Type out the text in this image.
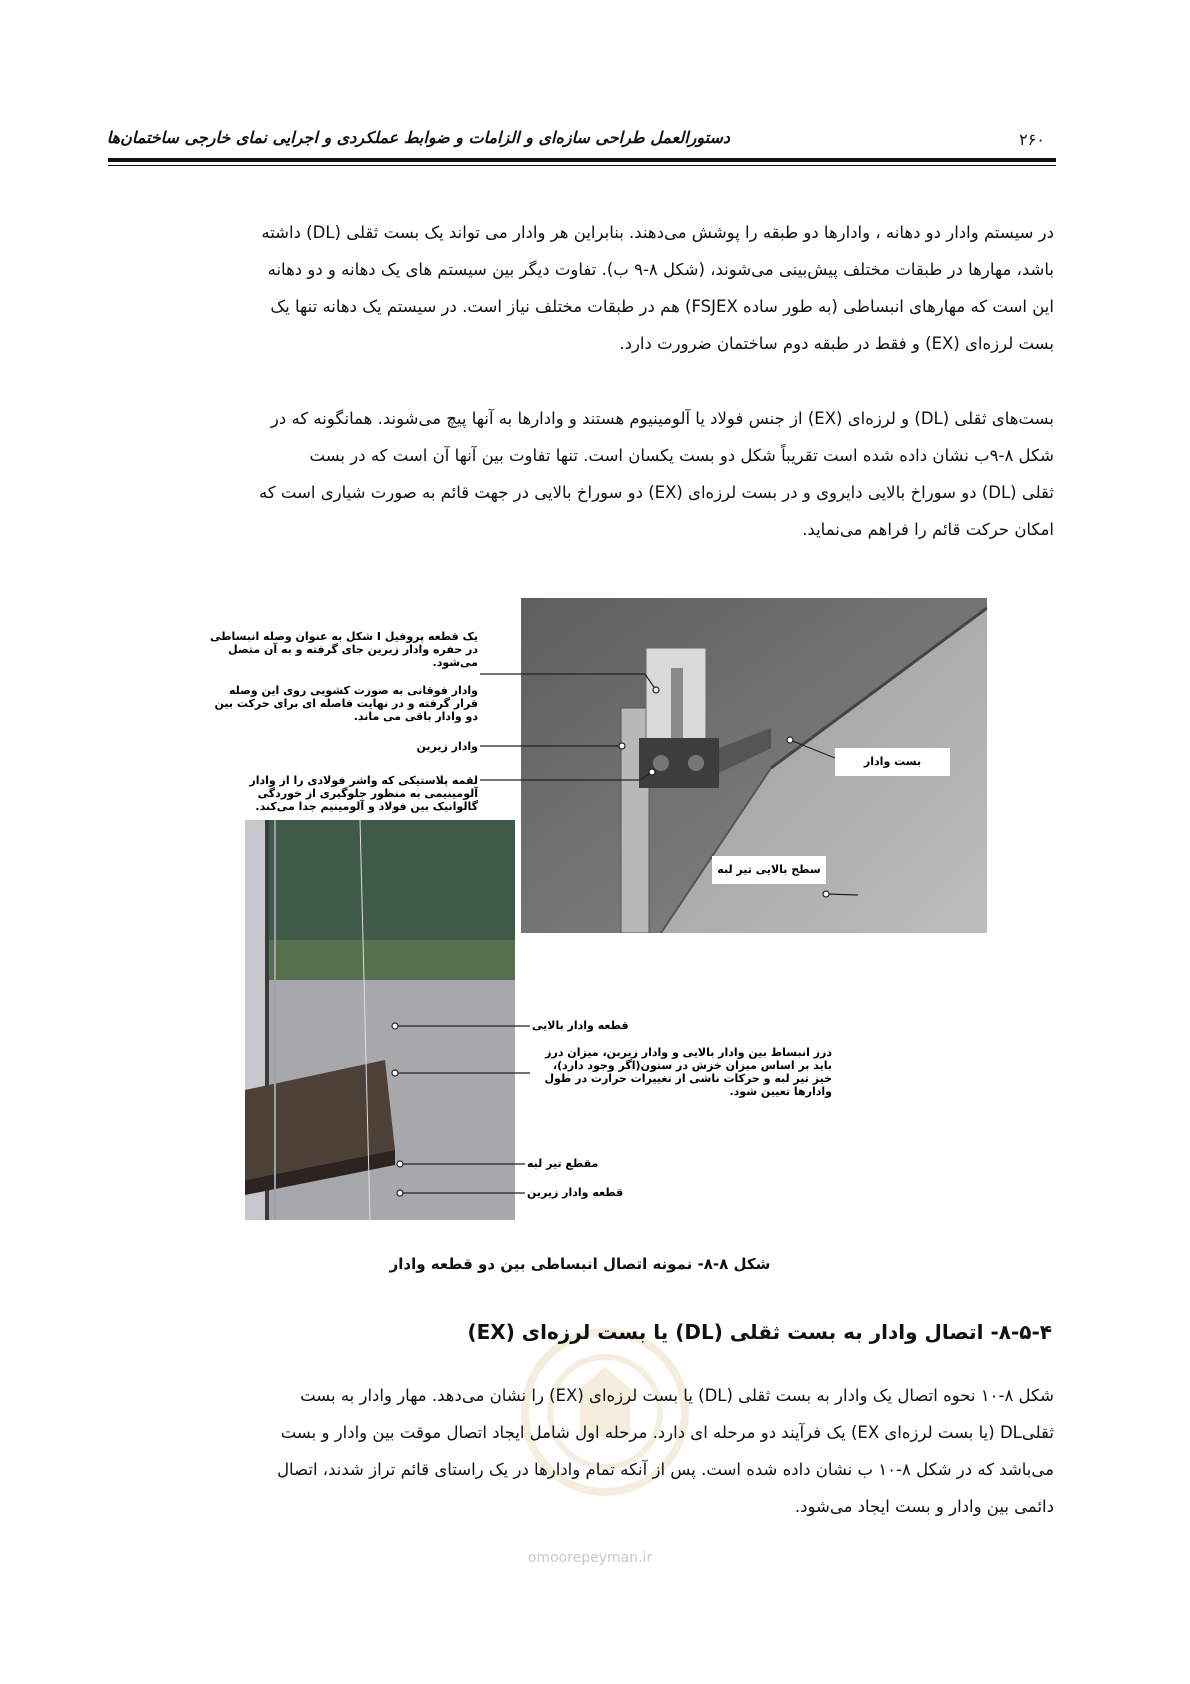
دستورالعمل طراحی سازه‌ای و الزامات و ضوابط عملکردی و اجرایی نمای خارجی ساختمان‌ها	۲۶۰

در سیستم وادار دو دهانه ، وادارها دو طبقه را پوشش می‌دهند. بنابراین هر وادار می تواند یک بست ثقلی (DL) داشته

باشد، مهارها در طبقات مختلف پیش‌بینی می‌شوند، (شکل ۸-۹ ب). تفاوت دیگر بین سیستم های یک دهانه و دو دهانه

این است که مهارهای انبساطی (به طور ساده FSJEX) هم در طبقات مختلف نیاز است. در سیستم یک دهانه تنها یک

بست لرزه‌ای (EX) و فقط در طبقه دوم ساختمان ضرورت دارد.

بست‌های ثقلی (DL) و لرزه‌ای (EX) از جنس فولاد یا آلومینیوم هستند و وادارها به آنها پیچ می‌شوند. همانگونه که در

شکل ۸-۹ب نشان داده شده است تقریباً شکل دو بست یکسان است. تنها تفاوت بین آنها آن است که در بست

ثقلی (DL) دو سوراخ بالایی دایروی و در بست لرزه‌ای (EX) دو سوراخ بالایی در جهت قائم به صورت شیاری است که

امکان حرکت قائم را فراهم می‌نماید.

یک قطعه پروفیل I شکل به عنوان وصله انبساطی در حفره وادار زیرین جای گرفته و به آن متصل می‌شود.
وادار فوقانی به صورت کشویی روی این وصله قرار گرفته و در نهایت فاصله ای برای حرکت بین دو وادار باقی می ماند.
وادار زیرین
لقمه پلاستیکی که واشر فولادی را از وادار آلومینیمی به منظور جلوگیری از خوردگی گالوانیک بین فولاد و آلومینیم جدا می‌کند.
بست وادار
سطح بالایی تیر لبه
قطعه وادار بالایی
درز انبساط بین وادار بالایی و وادار زیرین، میزان درز باید بر اساس میزان خزش در ستون(اگر وجود دارد)، خیز تیر لبه و حرکات ناشی از تغییرات حرارت در طول وادارها تعیین شود.
مقطع تیر لبه
قطعه وادار زیرین
شکل ۸-۸- نمونه اتصال انبساطی بین دو قطعه وادار
۸-۵-۴- اتصال وادار به بست ثقلی (DL) یا بست لرزه‌ای (EX)

شکل ۸-۱۰ نحوه اتصال یک وادار به بست ثقلی (DL) یا بست لرزه‌ای (EX) را نشان می‌دهد. مهار وادار به بست

ثقلیDL (یا بست لرزه‌ای EX) یک فرآیند دو مرحله ای دارد. مرحله اول شامل ایجاد اتصال موقت بین وادار و بست

می‌باشد که در شکل ۸-۱۰ ب نشان داده شده است. پس از آنکه تمام وادارها در یک راستای قائم تراز شدند، اتصال

دائمی بین وادار و بست ایجاد می‌شود.

omoorepeyman.ir
